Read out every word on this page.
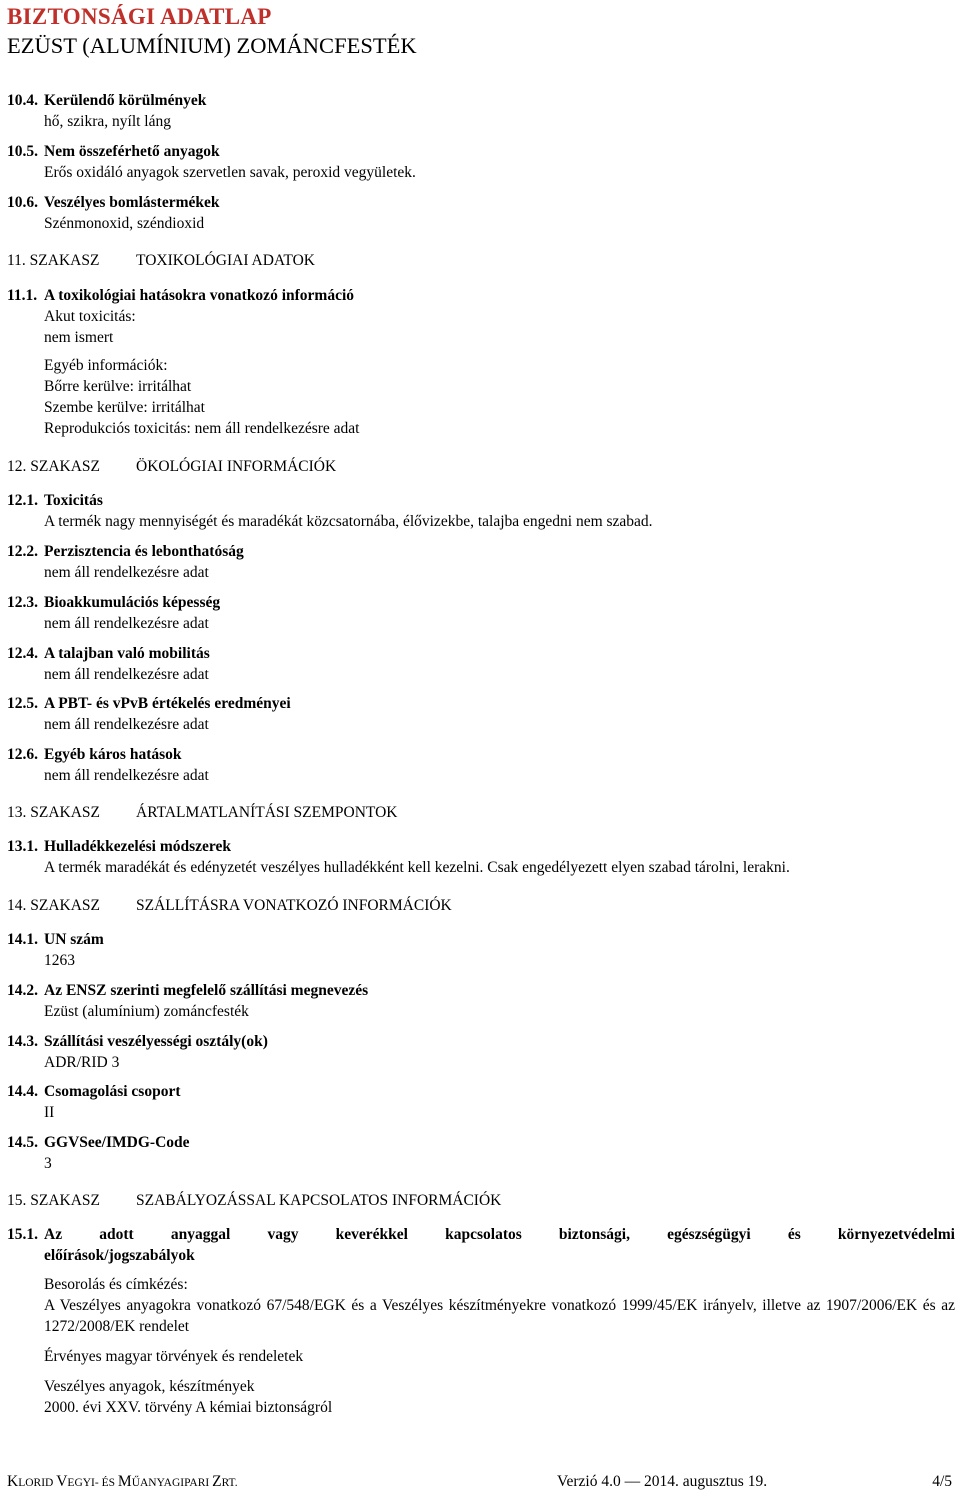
BIZTONSÁGI ADATLAP
EZÜST (ALUMÍNIUM) ZOMÁNCFESTÉK
10.4. Kerülendő körülmények
hő, szikra, nyílt láng
10.5. Nem összeférhető anyagok
Erős oxidáló anyagok szervetlen savak, peroxid vegyületek.
10.6. Veszélyes bomlástermékek
Szénmonoxid, széndioxid
11. SZAKASZ TOXIKOLÓGIAI ADATOK
11.1. A toxikológiai hatásokra vonatkozó információ
Akut toxicitás:
nem ismert
Egyéb információk:
Bőrre kerülve: irritálhat
Szembe kerülve: irritálhat
Reprodukciós toxicitás: nem áll rendelkezésre adat
12. SZAKASZ ÖKOLÓGIAI INFORMÁCIÓK
12.1. Toxicitás
A termék nagy mennyiségét és maradékát közcsatornába, élővizekbe, talajba engedni nem szabad.
12.2. Perzisztencia és lebonthatóság
nem áll rendelkezésre adat
12.3. Bioakkumulációs képesség
nem áll rendelkezésre adat
12.4. A talajban való mobilitás
nem áll rendelkezésre adat
12.5. A PBT- és vPvB értékelés eredményei
nem áll rendelkezésre adat
12.6. Egyéb káros hatások
nem áll rendelkezésre adat
13. SZAKASZ ÁRTALMATLANÍTÁSI SZEMPONTOK
13.1. Hulladékkezelési módszerek
A termék maradékát és edényzetét veszélyes hulladékként kell kezelni. Csak engedélyezett elyen szabad tárolni, lerakni.
14. SZAKASZ SZÁLLÍTÁSRA VONATKOZÓ INFORMÁCIÓK
14.1. UN szám
1263
14.2. Az ENSZ szerinti megfelelő szállítási megnevezés
Ezüst (alumínium) zománcfesték
14.3. Szállítási veszélyességi osztály(ok)
ADR/RID 3
14.4. Csomagolási csoport
II
14.5. GGVSee/IMDG-Code
3
15. SZAKASZ SZABÁLYOZÁSSAL KAPCSOLATOS INFORMÁCIÓK
15.1. Az adott anyaggal vagy keverékkel kapcsolatos biztonsági, egészségügyi és környezetvédelmi
előírások/jogszabályok
Besorolás és címkézés:
A Veszélyes anyagokra vonatkozó 67/548/EGK és a Veszélyes készítményekre vonatkozó 1999/45/EK irányelv, illetve az 1907/2006/EK és az 1272/2008/EK rendelet
Érvényes magyar törvények és rendeletek
Veszélyes anyagok, készítmények
2000. évi XXV. törvény A kémiai biztonságról
KLORID VEGYI- ÉS MŰANYAGIPARI ZRT.	Verzió 4.0 — 2014. augusztus 19.	4/5
